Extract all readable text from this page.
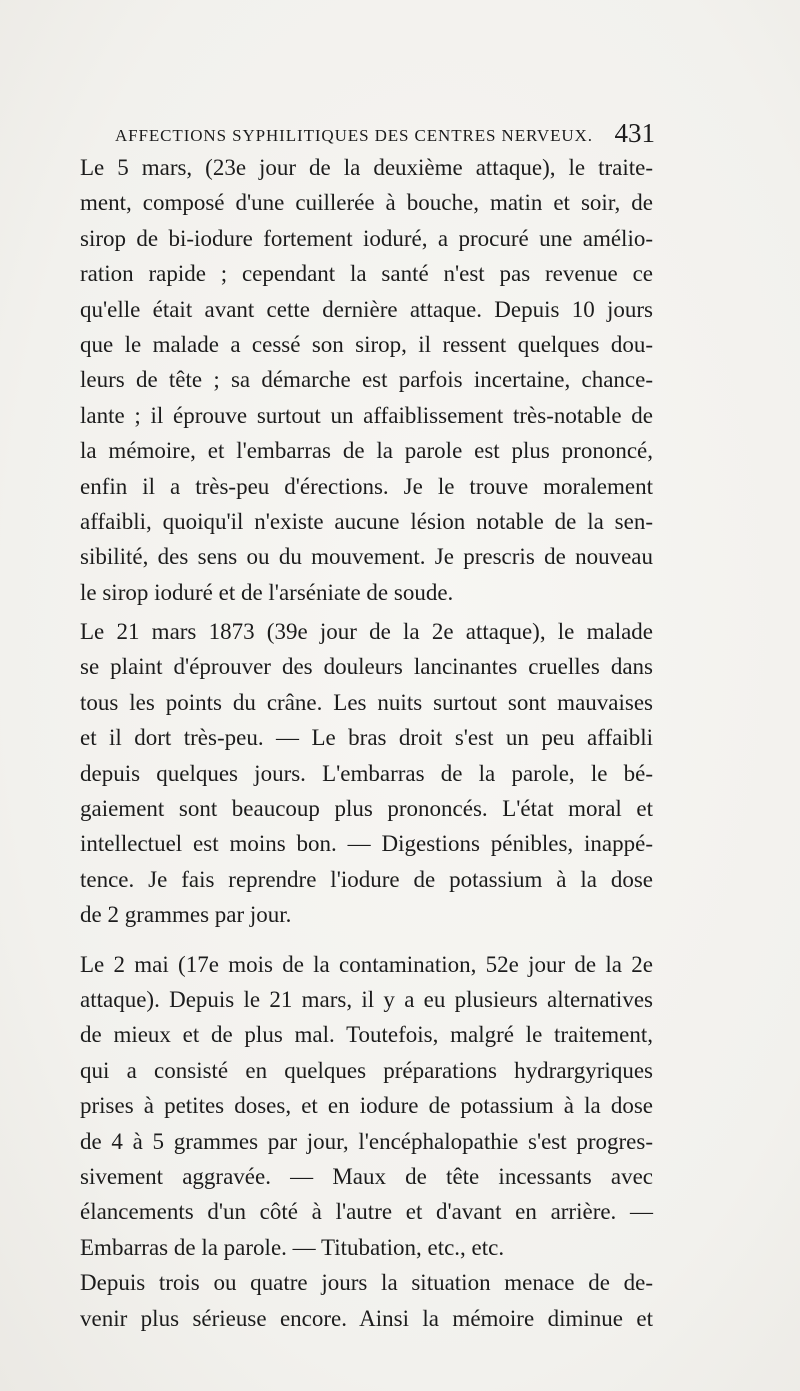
AFFECTIONS SYPHILITIQUES DES CENTRES NERVEUX. 431
Le 5 mars, (23e jour de la deuxième attaque), le traite-
ment, composé d'une cuillerée à bouche, matin et soir, de
sirop de bi-iodure fortement ioduré, a procuré une amélio-
ration rapide ; cependant la santé n'est pas revenue ce
qu'elle était avant cette dernière attaque. Depuis 10 jours
que le malade a cessé son sirop, il ressent quelques dou-
leurs de tête ; sa démarche est parfois incertaine, chance-
lante ; il éprouve surtout un affaiblissement très-notable de
la mémoire, et l'embarras de la parole est plus prononcé,
enfin il a très-peu d'érections. Je le trouve moralement
affaibli, quoiqu'il n'existe aucune lésion notable de la sen-
sibilité, des sens ou du mouvement. Je prescris de nouveau
le sirop ioduré et de l'arséniate de soude.
Le 21 mars 1873 (39e jour de la 2e attaque), le malade
se plaint d'éprouver des douleurs lancinantes cruelles dans
tous les points du crâne. Les nuits surtout sont mauvaises
et il dort très-peu. — Le bras droit s'est un peu affaibli
depuis quelques jours. L'embarras de la parole, le bé-
gaiement sont beaucoup plus prononcés. L'état moral et
intellectuel est moins bon. — Digestions pénibles, inappé-
tence. Je fais reprendre l'iodure de potassium à la dose
de 2 grammes par jour.
Le 2 mai (17e mois de la contamination, 52e jour de la 2e
attaque). Depuis le 21 mars, il y a eu plusieurs alternatives
de mieux et de plus mal. Toutefois, malgré le traitement,
qui a consisté en quelques préparations hydrargyriques
prises à petites doses, et en iodure de potassium à la dose
de 4 à 5 grammes par jour, l'encéphalopathie s'est progres-
sivement aggravée. — Maux de tête incessants avec
élancements d'un côté à l'autre et d'avant en arrière. —
Embarras de la parole. — Titubation, etc., etc.
Depuis trois ou quatre jours la situation menace de de-
venir plus sérieuse encore. Ainsi la mémoire diminue et
